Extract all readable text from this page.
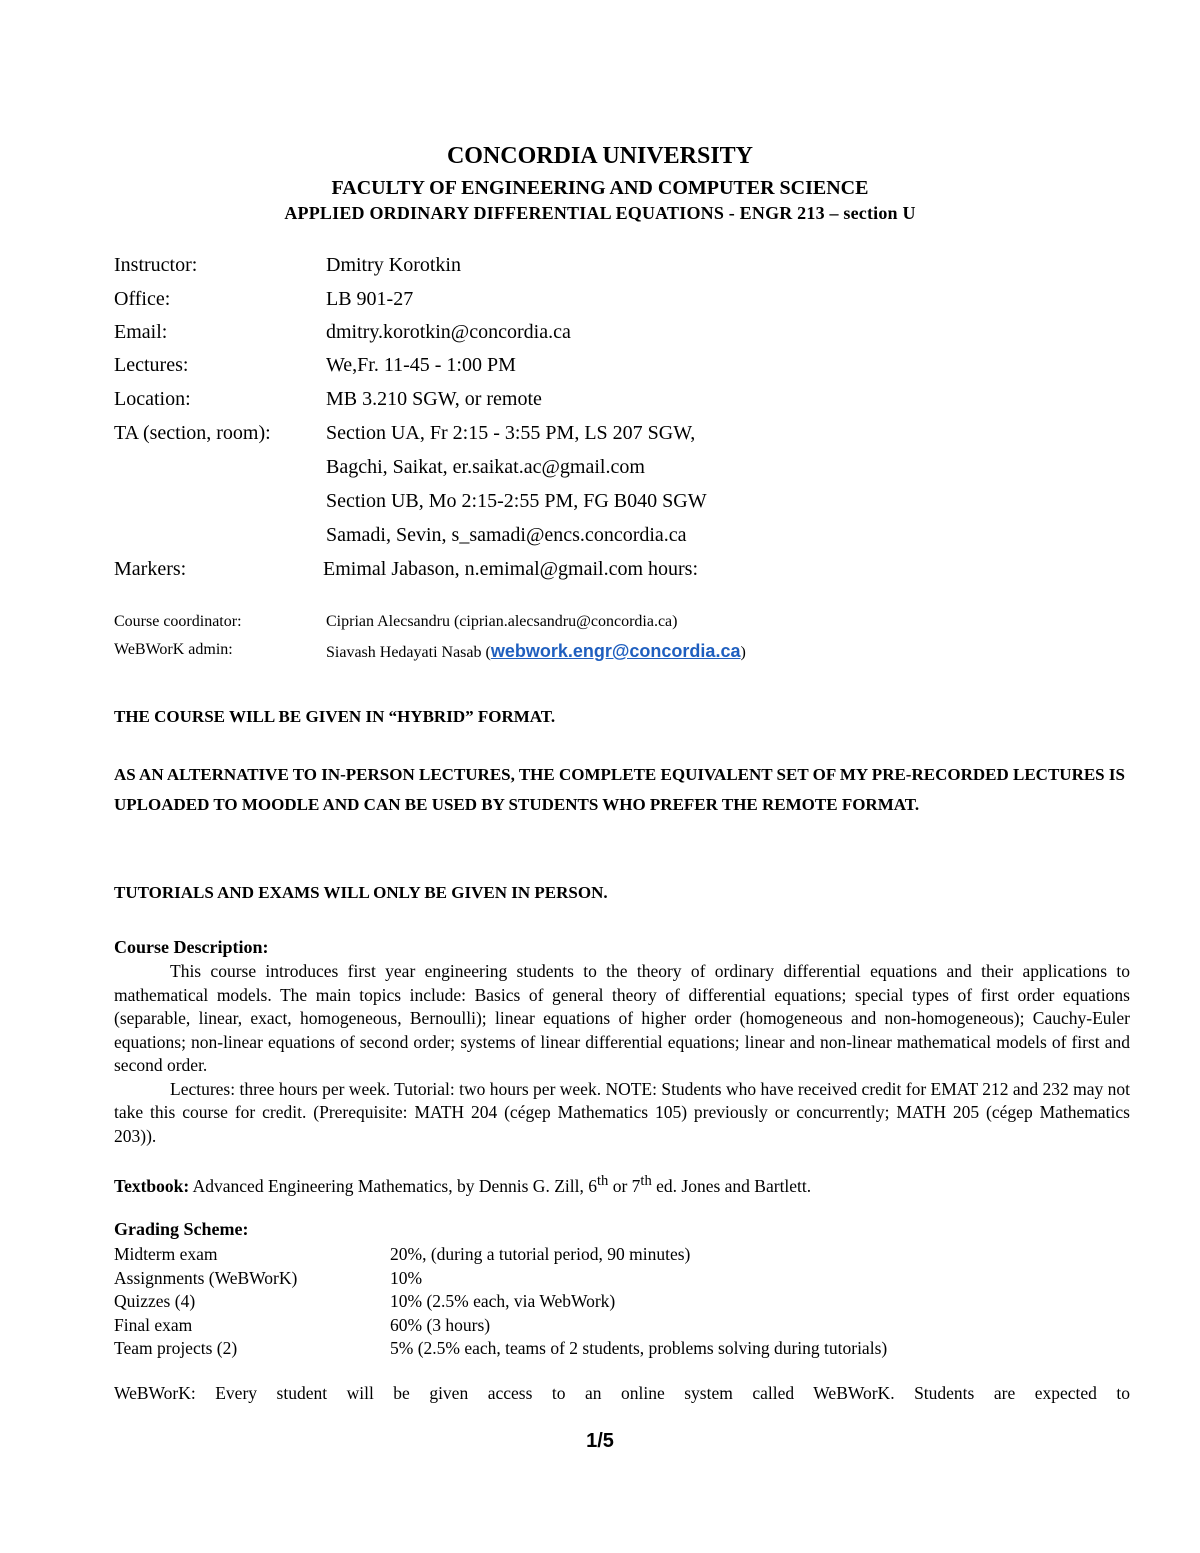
CONCORDIA UNIVERSITY
FACULTY OF ENGINEERING AND COMPUTER SCIENCE
APPLIED ORDINARY DIFFERENTIAL EQUATIONS - ENGR 213 – section U
Instructor:	Dmitry Korotkin
Office:	LB 901-27
Email:	dmitry.korotkin@concordia.ca
Lectures:	We,Fr. 11-45 - 1:00 PM
Location:	MB 3.210 SGW, or remote
TA (section, room):	Section UA, Fr 2:15 - 3:55 PM, LS 207 SGW,
Bagchi, Saikat, er.saikat.ac@gmail.com
Section UB, Mo 2:15-2:55 PM, FG B040 SGW
Samadi, Sevin, s_samadi@encs.concordia.ca
Markers:	Emimal Jabason, n.emimal@gmail.com hours:
Course coordinator:	Ciprian Alecsandru (ciprian.alecsandru@concordia.ca)
WeBWorK admin:	Siavash Hedayati Nasab (webwork.engr@concordia.ca)
THE COURSE WILL BE GIVEN IN “HYBRID” FORMAT.
AS AN ALTERNATIVE TO IN-PERSON LECTURES, THE COMPLETE EQUIVALENT SET OF MY PRE-RECORDED LECTURES IS UPLOADED TO MOODLE AND CAN BE USED BY STUDENTS WHO PREFER THE REMOTE FORMAT.
TUTORIALS AND EXAMS WILL ONLY BE GIVEN IN PERSON.
Course Description:
This course introduces first year engineering students to the theory of ordinary differential equations and their applications to mathematical models. The main topics include: Basics of general theory of differential equations; special types of first order equations (separable, linear, exact, homogeneous, Bernoulli); linear equations of higher order (homogeneous and non-homogeneous); Cauchy-Euler equations; non-linear equations of second order; systems of linear differential equations; linear and non-linear mathematical models of first and second order.
Lectures: three hours per week. Tutorial: two hours per week. NOTE: Students who have received credit for EMAT 212 and 232 may not take this course for credit. (Prerequisite: MATH 204 (cégep Mathematics 105) previously or concurrently; MATH 205 (cégep Mathematics 203)).
Textbook: Advanced Engineering Mathematics, by Dennis G. Zill, 6th or 7th ed. Jones and Bartlett.
Grading Scheme:
Midterm exam	20%, (during a tutorial period, 90 minutes)
Assignments (WeBWorK)	10%
Quizzes (4)	10% (2.5% each, via WebWork)
Final exam	60% (3 hours)
Team projects (2)	5% (2.5% each, teams of 2 students, problems solving during tutorials)
WeBWorK: Every student will be given access to an online system called WeBWorK. Students are expected to
1/5
